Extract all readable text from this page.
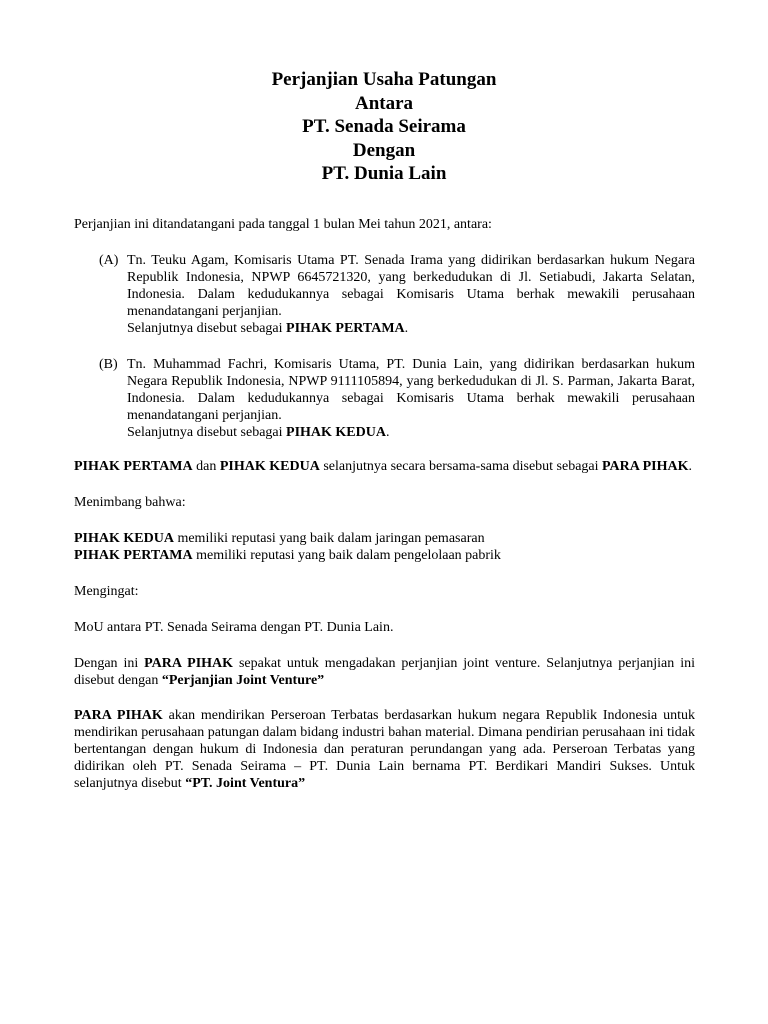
Perjanjian Usaha Patungan
Antara
PT. Senada Seirama
Dengan
PT. Dunia Lain

Perjanjian ini ditandatangani pada tanggal 1 bulan Mei tahun 2021, antara:

(A) Tn. Teuku Agam, Komisaris Utama PT. Senada Irama yang didirikan berdasarkan hukum Negara Republik Indonesia, NPWP 6645721320, yang berkedudukan di Jl. Setiabudi, Jakarta Selatan, Indonesia. Dalam kedudukannya sebagai Komisaris Utama berhak mewakili perusahaan menandatangani perjanjian.
Selanjutnya disebut sebagai PIHAK PERTAMA.
(B) Tn. Muhammad Fachri, Komisaris Utama, PT. Dunia Lain, yang didirikan berdasarkan hukum Negara Republik Indonesia, NPWP 9111105894, yang berkedudukan di Jl. S. Parman, Jakarta Barat, Indonesia. Dalam kedudukannya sebagai Komisaris Utama berhak mewakili perusahaan menandatangani perjanjian.
Selanjutnya disebut sebagai PIHAK KEDUA.

PIHAK PERTAMA dan PIHAK KEDUA selanjutnya secara bersama-sama disebut sebagai PARA PIHAK.

Menimbang bahwa:

PIHAK KEDUA memiliki reputasi yang baik dalam jaringan pemasaran
PIHAK PERTAMA memiliki reputasi yang baik dalam pengelolaan pabrik

Mengingat:

MoU antara PT. Senada Seirama dengan PT. Dunia Lain.

Dengan ini PARA PIHAK sepakat untuk mengadakan perjanjian joint venture. Selanjutnya perjanjian ini disebut dengan “Perjanjian Joint Venture”

PARA PIHAK akan mendirikan Perseroan Terbatas berdasarkan hukum negara Republik Indonesia untuk mendirikan perusahaan patungan dalam bidang industri bahan material. Dimana pendirian perusahaan ini tidak bertentangan dengan hukum di Indonesia dan peraturan perundangan yang ada. Perseroan Terbatas yang didirikan oleh PT. Senada Seirama – PT. Dunia Lain bernama PT. Berdikari Mandiri Sukses. Untuk selanjutnya disebut “PT. Joint Ventura”
